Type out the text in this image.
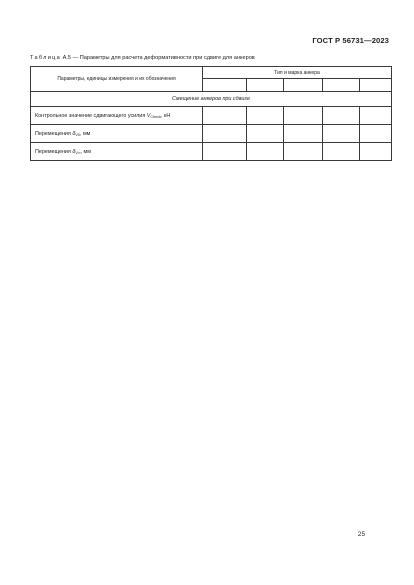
ГОСТ Р 56731—2023
Таблица А.5 — Параметры для расчета деформативности при сдвиге для анкеров
Параметры, единицы измерения и их обозначения	Тип и марка анкера				

Смещение анкеров при сдвиге					
Контрольное значение сдвигающего усилия $V_{Check}$, кН					
Перемещения $\delta_{V0}$, мм					
Перемещения $\delta_{V\infty}$, мм					
25
